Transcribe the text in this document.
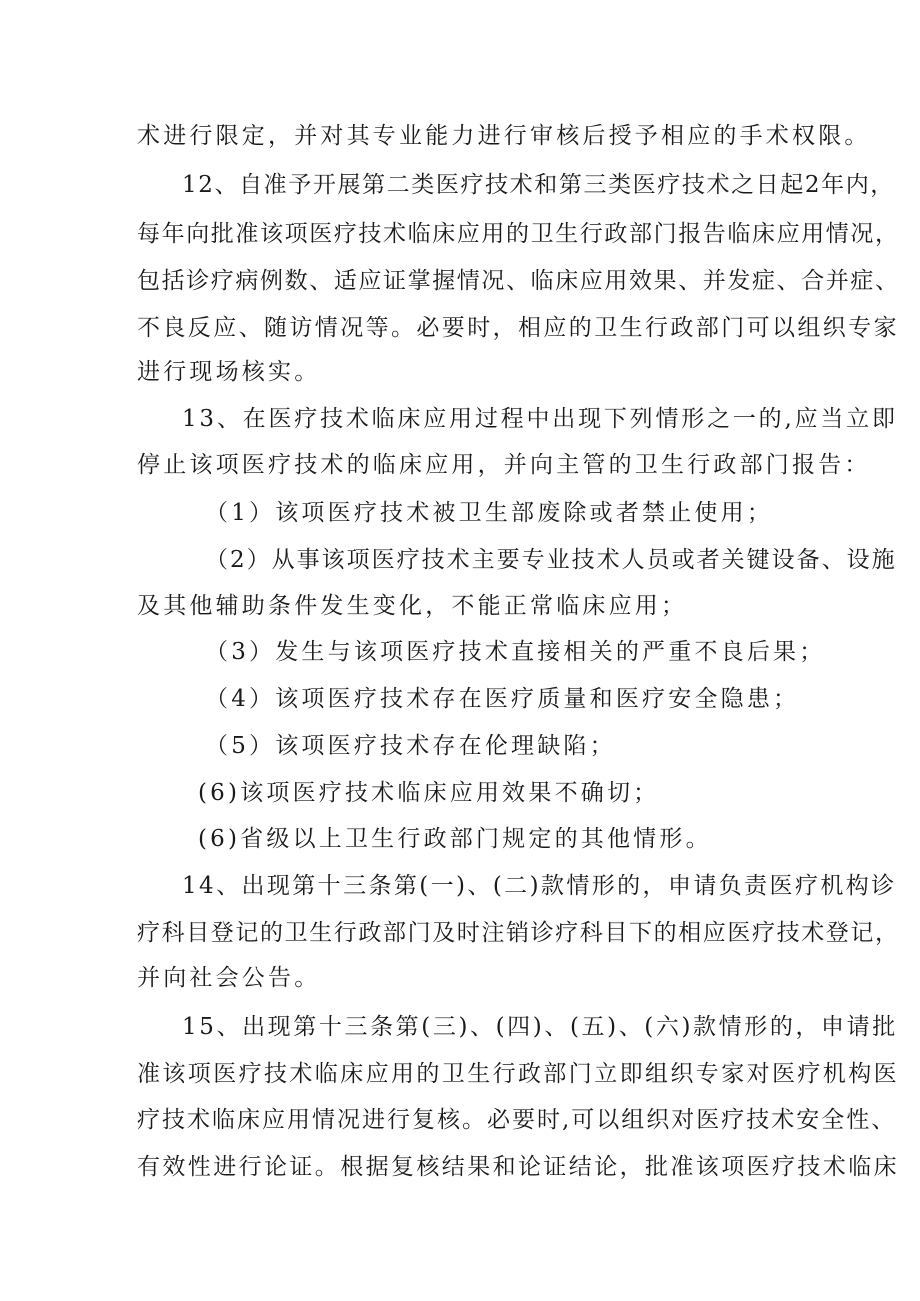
术进行限定，并对其专业能力进行审核后授予相应的手术权限。
12、自准予开展第二类医疗技术和第三类医疗技术之日起2年内，
每年向批准该项医疗技术临床应用的卫生行政部门报告临床应用情况，
包括诊疗病例数、适应证掌握情况、临床应用效果、并发症、合并症、
不良反应、随访情况等。必要时，相应的卫生行政部门可以组织专家
进行现场核实。
13、在医疗技术临床应用过程中出现下列情形之一的,应当立即
停止该项医疗技术的临床应用，并向主管的卫生行政部门报告：
（1）该项医疗技术被卫生部废除或者禁止使用；
（2）从事该项医疗技术主要专业技术人员或者关键设备、设施
及其他辅助条件发生变化，不能正常临床应用；
（3）发生与该项医疗技术直接相关的严重不良后果；
（4）该项医疗技术存在医疗质量和医疗安全隐患；
（5）该项医疗技术存在伦理缺陷；
(6)该项医疗技术临床应用效果不确切；
(6)省级以上卫生行政部门规定的其他情形。
14、出现第十三条第(一)、(二)款情形的，申请负责医疗机构诊
疗科目登记的卫生行政部门及时注销诊疗科目下的相应医疗技术登记，
并向社会公告。
15、出现第十三条第(三)、(四)、(五)、(六)款情形的，申请批
准该项医疗技术临床应用的卫生行政部门立即组织专家对医疗机构医
疗技术临床应用情况进行复核。必要时,可以组织对医疗技术安全性、
有效性进行论证。根据复核结果和论证结论，批准该项医疗技术临床
